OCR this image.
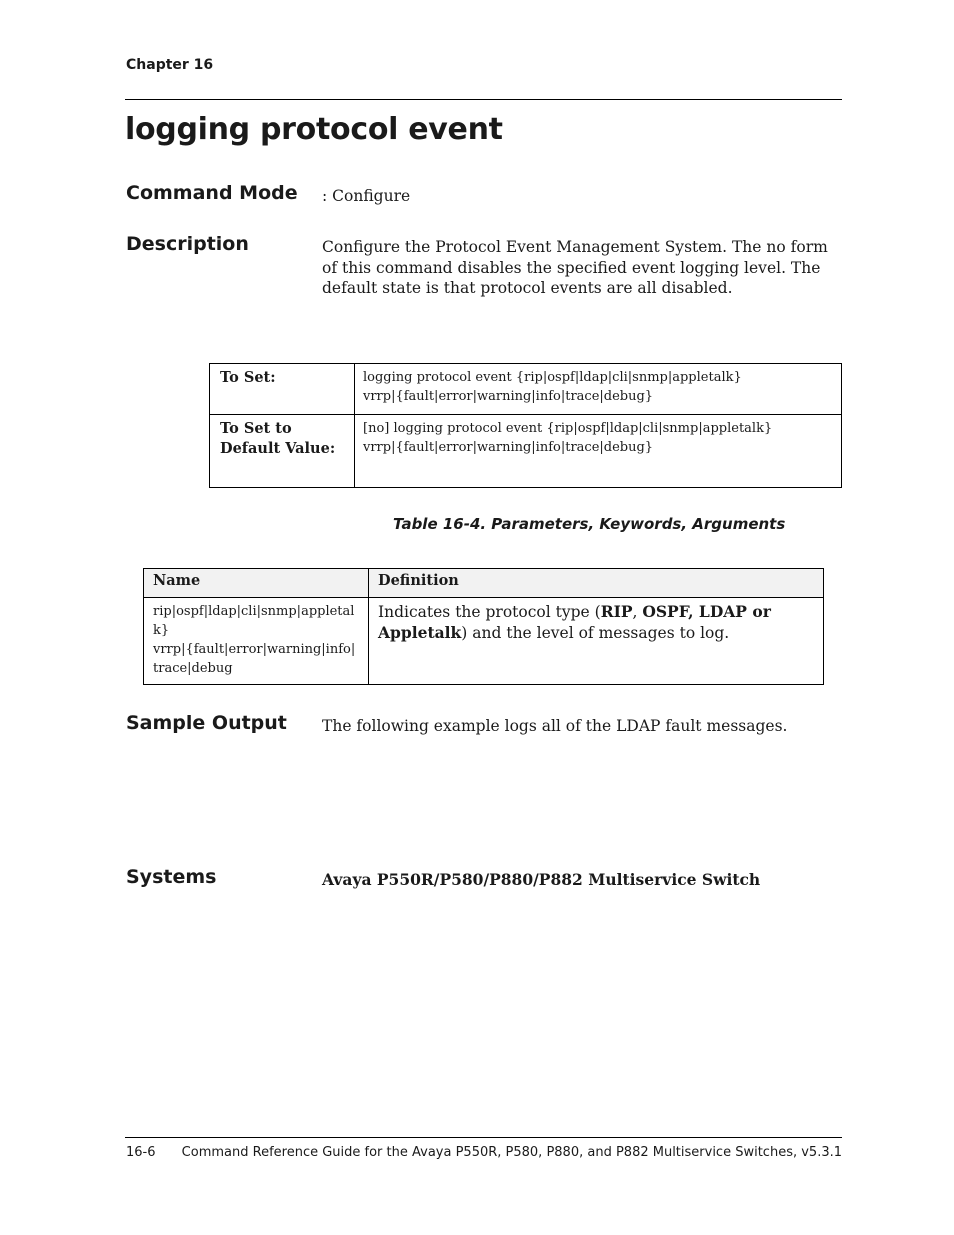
Chapter 16
logging protocol event
Command Mode : Configure
Description	Configure the Protocol Event Management System. The no form of this command disables the specified event logging level. The default state is that protocol events are all disabled.
To Set:	logging protocol event {rip|ospf|ldap|cli|snmp|appletalk}
vrrp|{fault|error|warning|info|trace|debug}

To Set to Default Value:	[no] logging protocol event {rip|ospf|ldap|cli|snmp|appletalk}
vrrp|{fault|error|warning|info|trace|debug}
Table 16-4. Parameters, Keywords, Arguments
Name	Definition

rip|ospf|ldap|cli|snmp|appletal
k}
vrrp|{fault|error|warning|info|
trace|debug	Indicates the protocol type (RIP, OSPF, LDAP or Appletalk) and the level of messages to log.
Sample Output The following example logs all of the LDAP fault messages.
Systems	Avaya P550R/P580/P880/P882 Multiservice Switch
16-6 Command Reference Guide for the Avaya P550R, P580, P880, and P882 Multiservice Switches, v5.3.1
